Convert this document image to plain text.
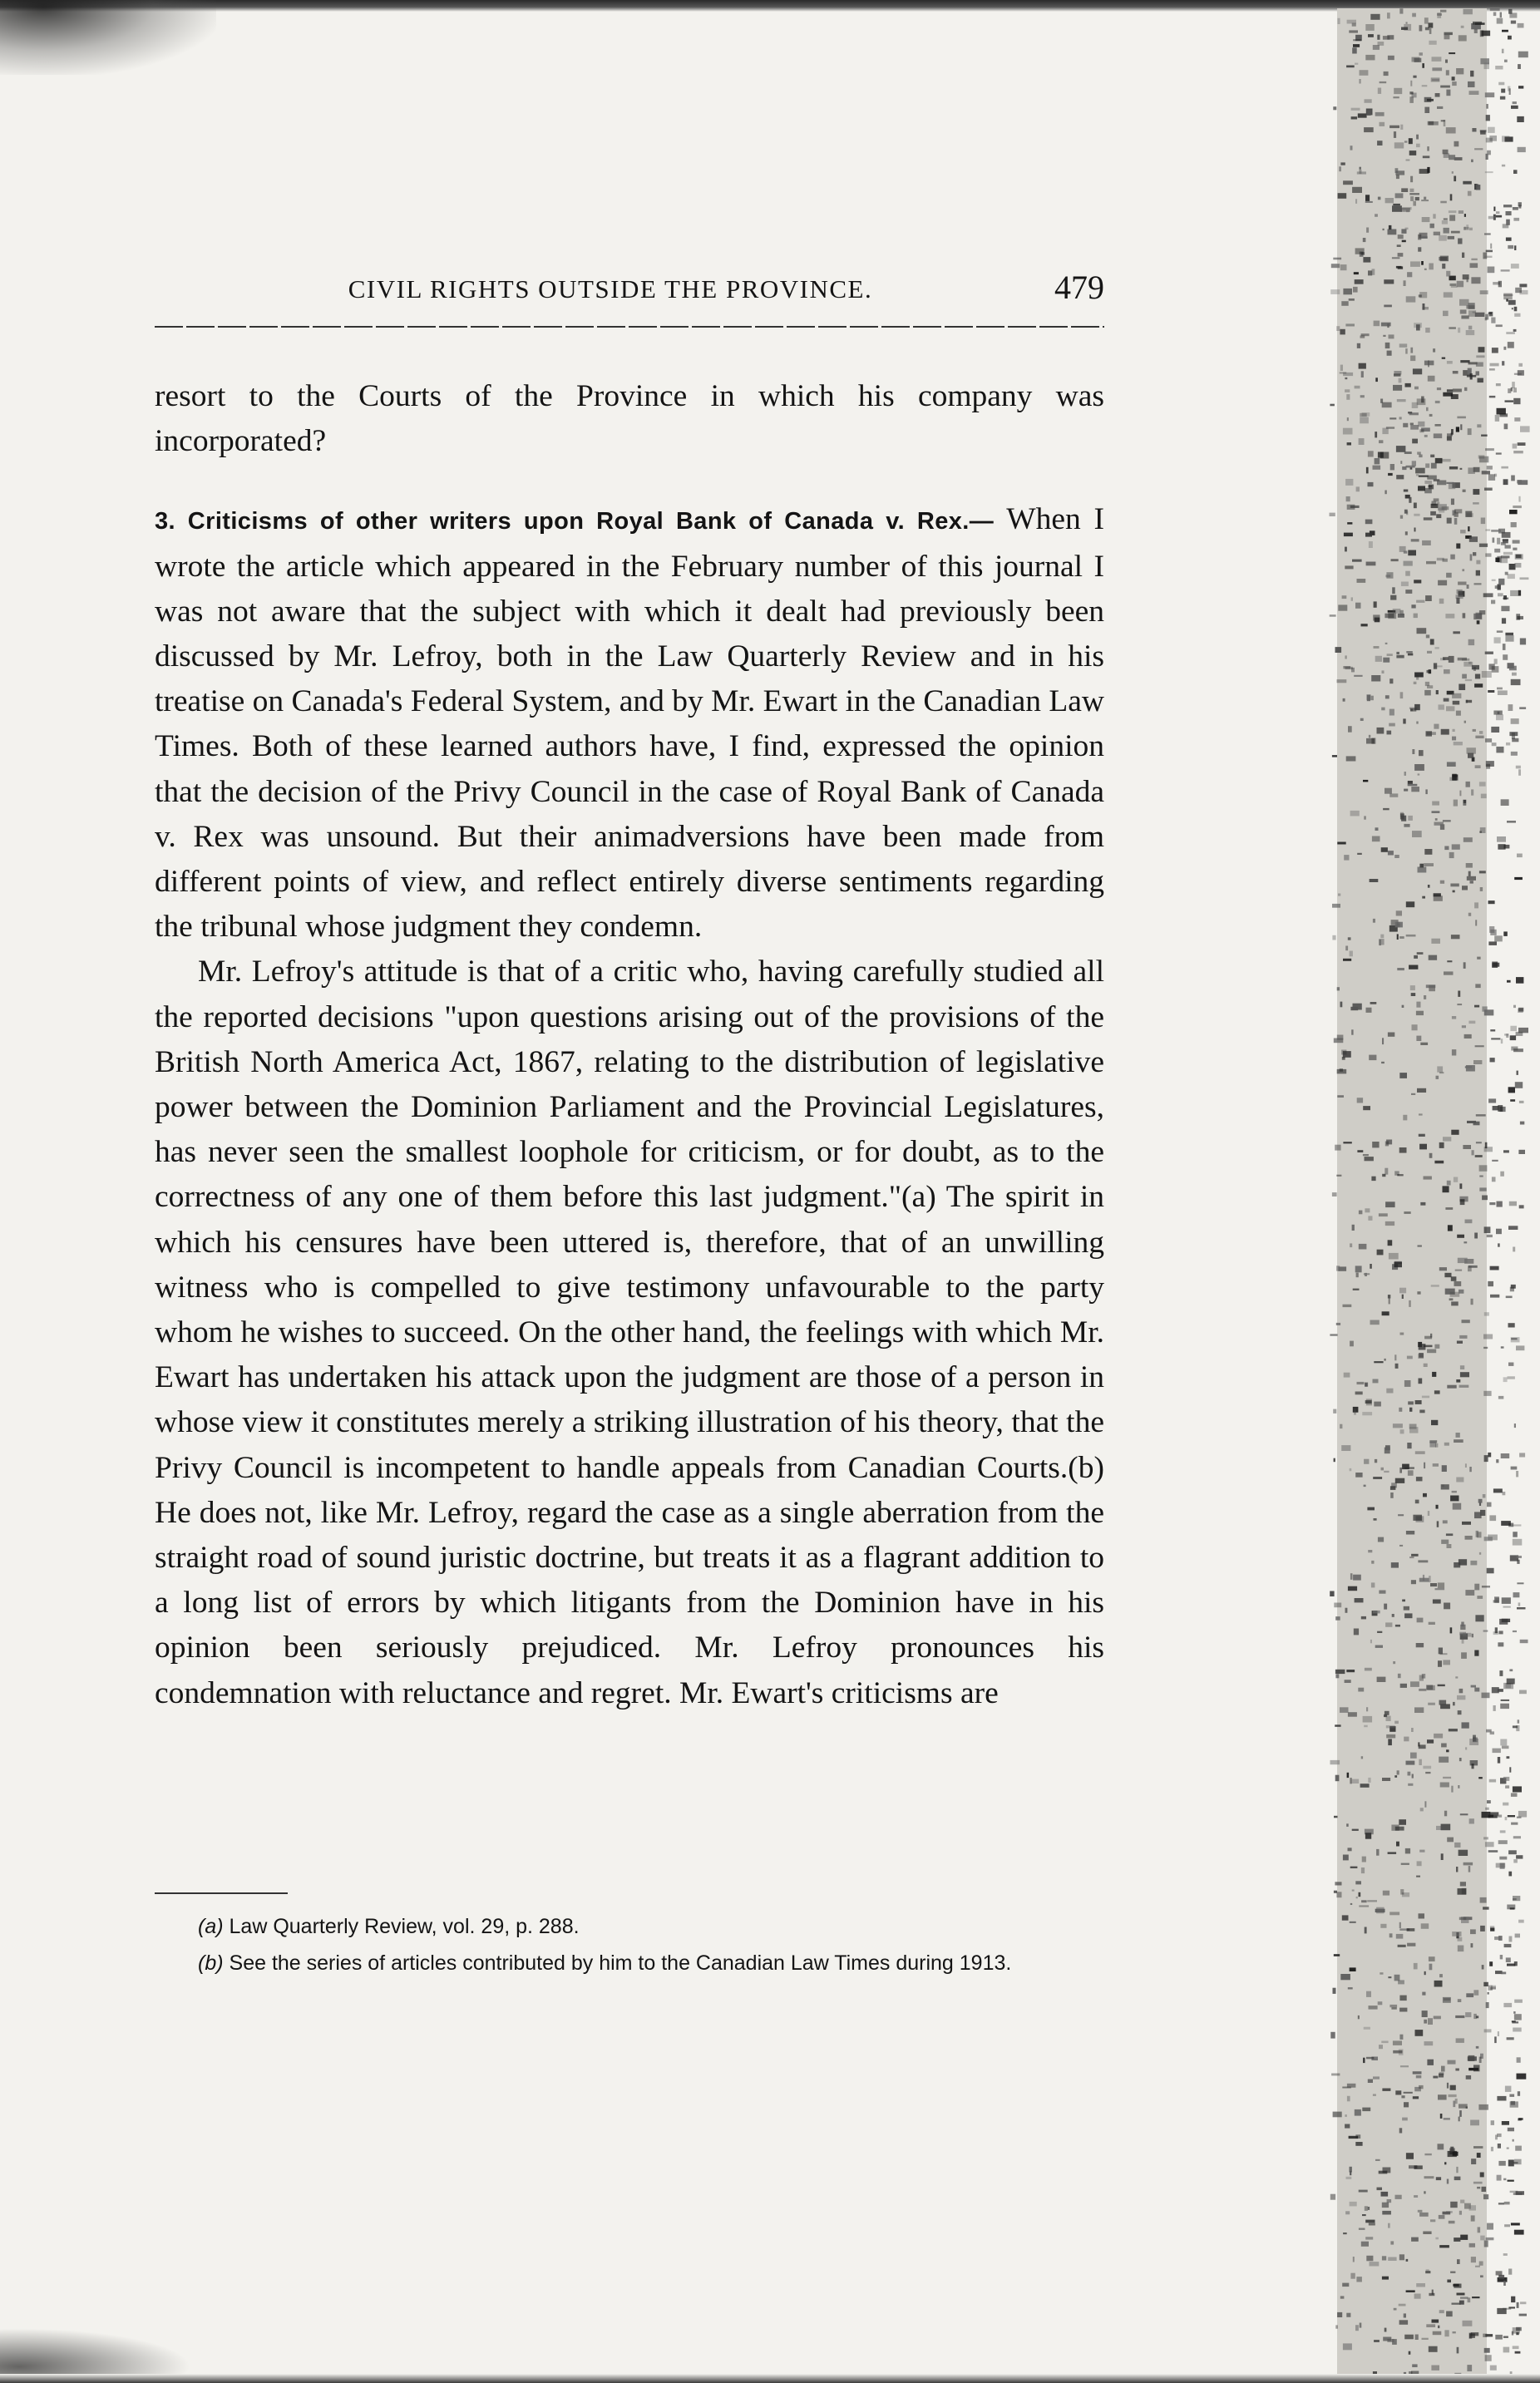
CIVIL RIGHTS OUTSIDE THE PROVINCE.	479

resort to the Courts of the Province in which his company was incorporated?

3. Criticisms of other writers upon Royal Bank of Canada v. Rex.— When I wrote the article which appeared in the February number of this journal I was not aware that the subject with which it dealt had previously been discussed by Mr. Lefroy, both in the Law Quarterly Review and in his treatise on Canada's Federal System, and by Mr. Ewart in the Canadian Law Times. Both of these learned authors have, I find, expressed the opinion that the decision of the Privy Council in the case of Royal Bank of Canada v. Rex was unsound. But their animadversions have been made from different points of view, and reflect entirely diverse sentiments regarding the tribunal whose judgment they condemn.

Mr. Lefroy's attitude is that of a critic who, having carefully studied all the reported decisions "upon questions arising out of the provisions of the British North America Act, 1867, relating to the distribution of legislative power between the Dominion Parliament and the Provincial Legislatures, has never seen the smallest loophole for criticism, or for doubt, as to the correctness of any one of them before this last judgment."(a) The spirit in which his censures have been uttered is, therefore, that of an unwilling witness who is compelled to give testimony unfavourable to the party whom he wishes to succeed. On the other hand, the feelings with which Mr. Ewart has undertaken his attack upon the judgment are those of a person in whose view it constitutes merely a striking illustration of his theory, that the Privy Council is incompetent to handle appeals from Canadian Courts.(b) He does not, like Mr. Lefroy, regard the case as a single aberration from the straight road of sound juristic doctrine, but treats it as a flagrant addition to a long list of errors by which litigants from the Dominion have in his opinion been seriously prejudiced. Mr. Lefroy pronounces his condemnation with reluctance and regret. Mr. Ewart's criticisms are

(a) Law Quarterly Review, vol. 29, p. 288.

(b) See the series of articles contributed by him to the Canadian Law Times during 1913.
